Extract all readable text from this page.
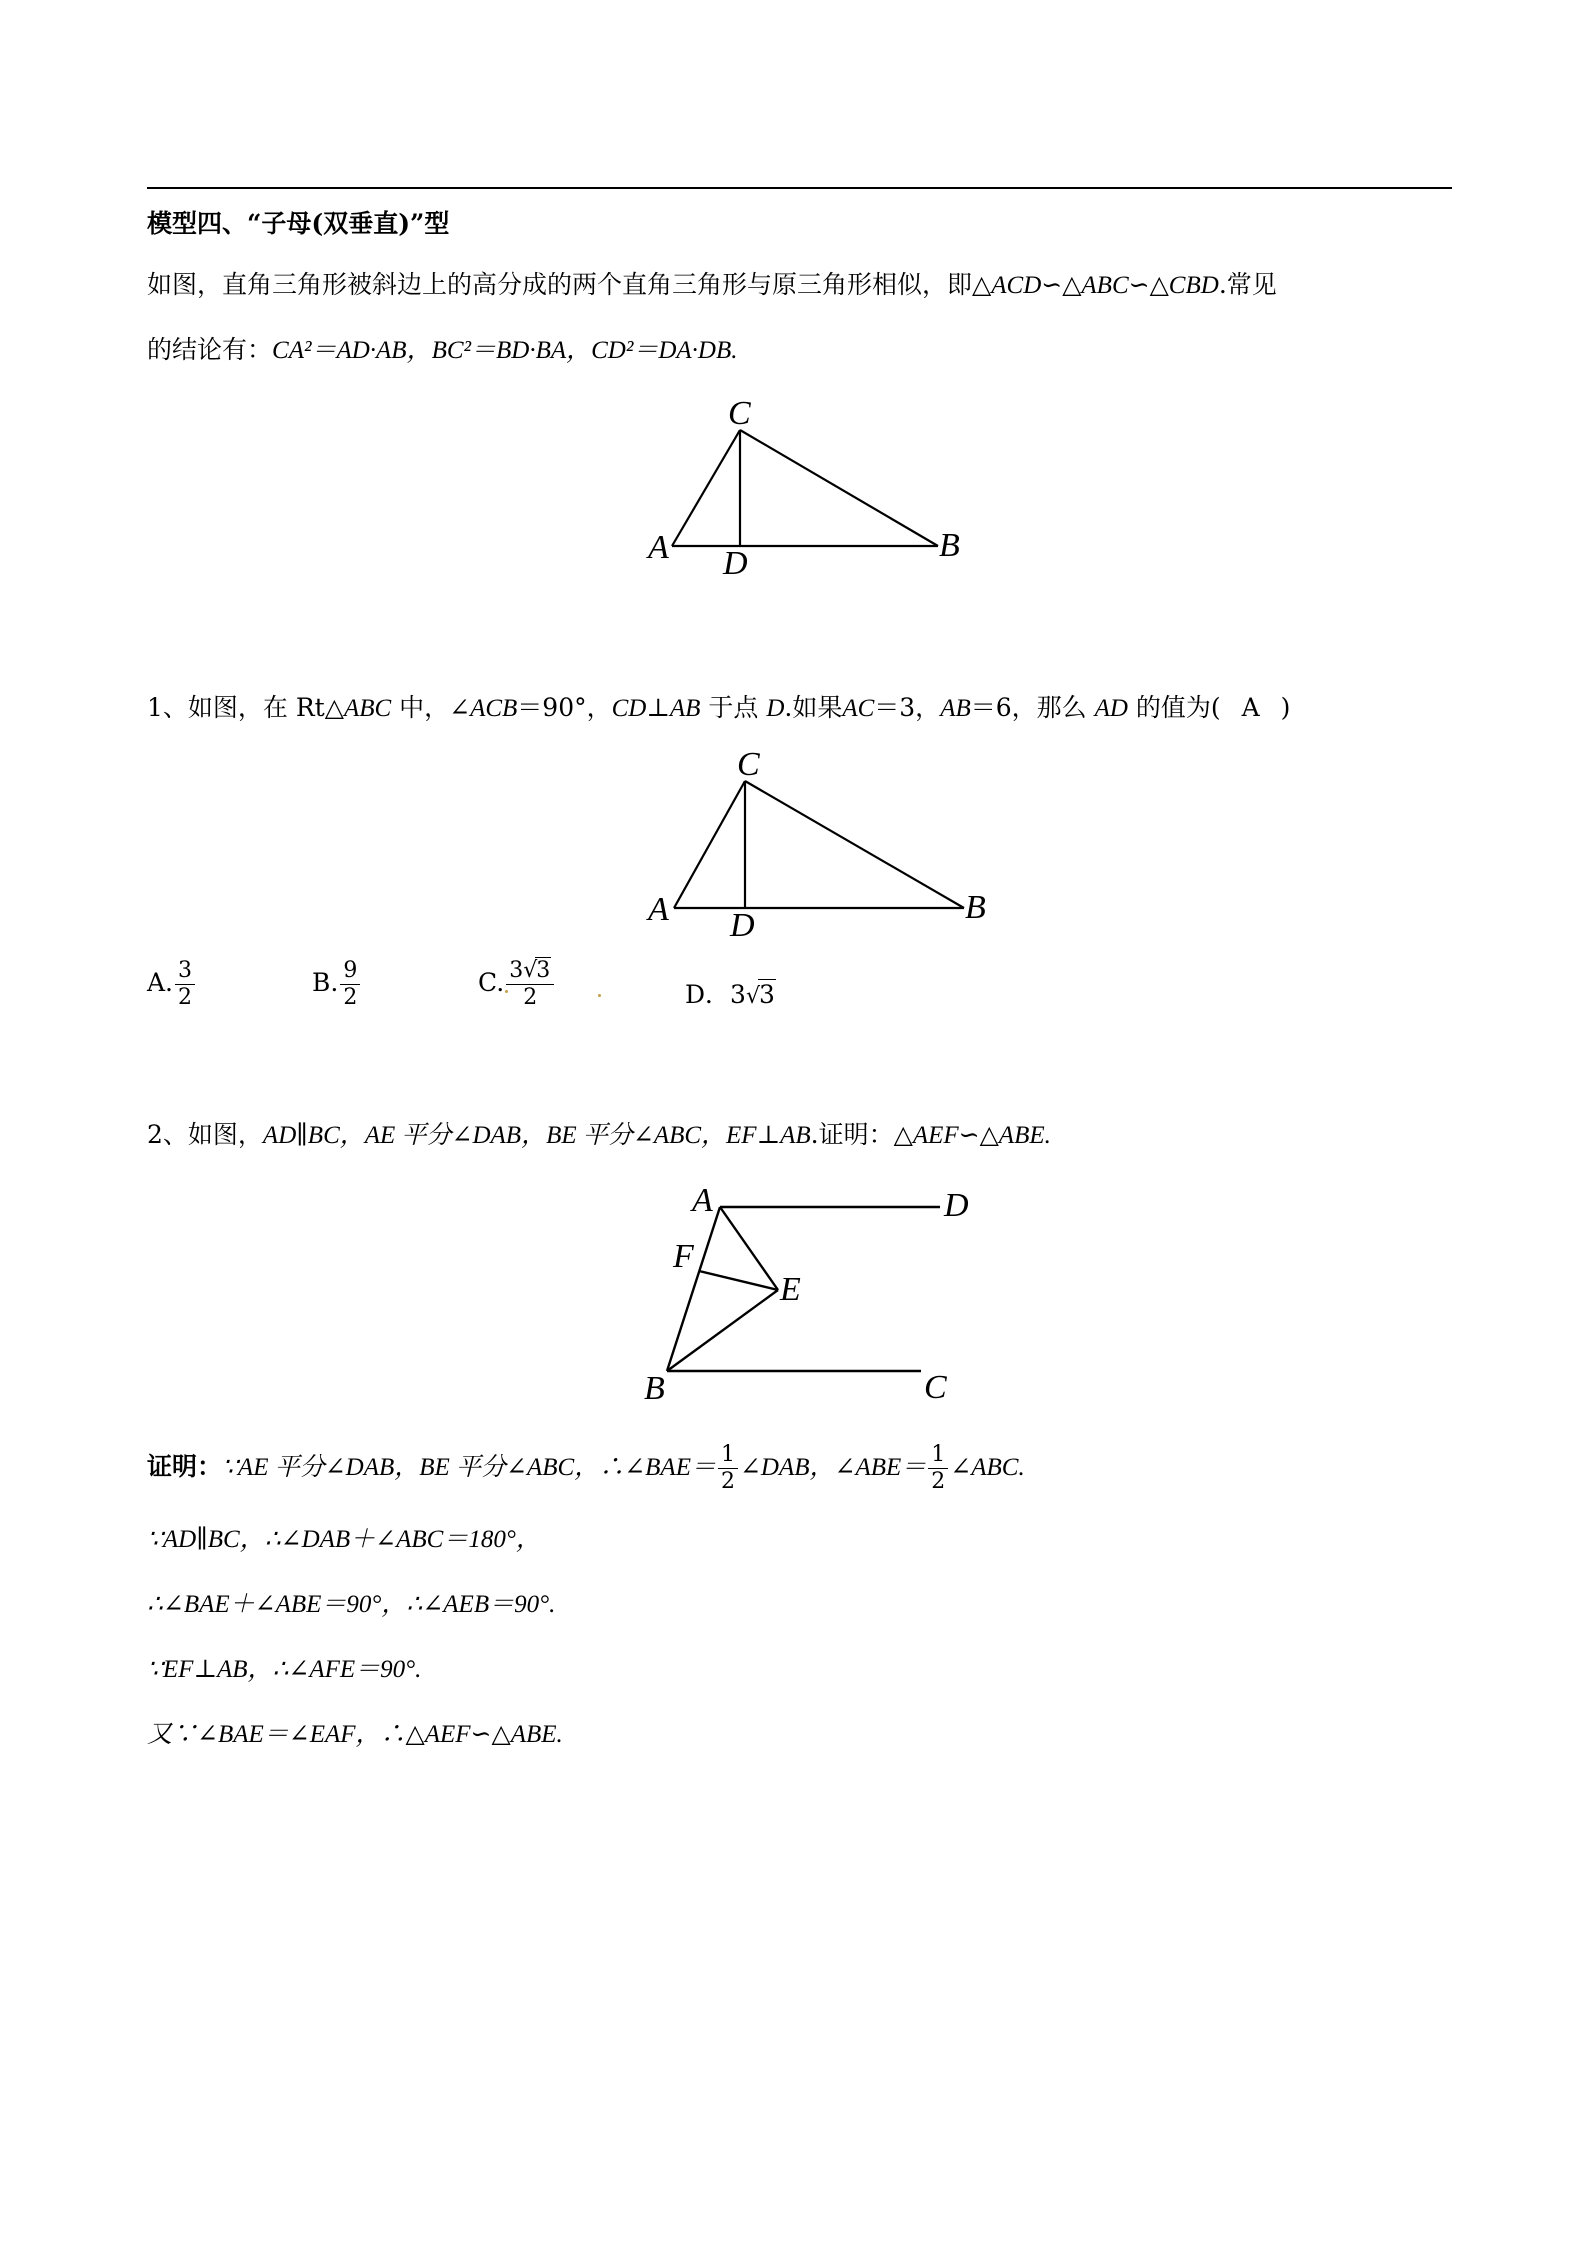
模型四、“子母(双垂直)”型
如图，直角三角形被斜边上的高分成的两个直角三角形与原三角形相似，即△ACD∽△ABC∽△CBD.常见
的结论有：CA²＝AD·AB，BC²＝BD·BA，CD²＝DA·DB.
C
A D	B
C
A D	B
A	D
F
E
B	C
1、如图，在 Rt△ABC 中，∠ACB＝90°，CD⊥AB 于点 D.如果AC＝3，AB＝6，那么 AD 的值为( A )
A. $\frac{3}{2}$	B. $\frac{9}{2}$	C. $\frac{3√3}{2}$	D．3√3
2、如图，AD∥BC，AE 平分∠DAB，BE 平分∠ABC，EF⊥AB.证明：△AEF∽△ABE.
证明：∵AE 平分∠DAB，BE 平分∠ABC，∴∠BAE＝ $\frac{1}{2}$ ∠DAB，∠ABE＝ $\frac{1}{2}$ ∠ABC.
∵AD∥BC，∴∠DAB＋∠ABC＝180°，
∴∠BAE＋∠ABE＝90°，∴∠AEB＝90°.
∵EF⊥AB，∴∠AFE＝90°.
又∵∠BAE＝∠EAF，∴△AEF∽△ABE.
